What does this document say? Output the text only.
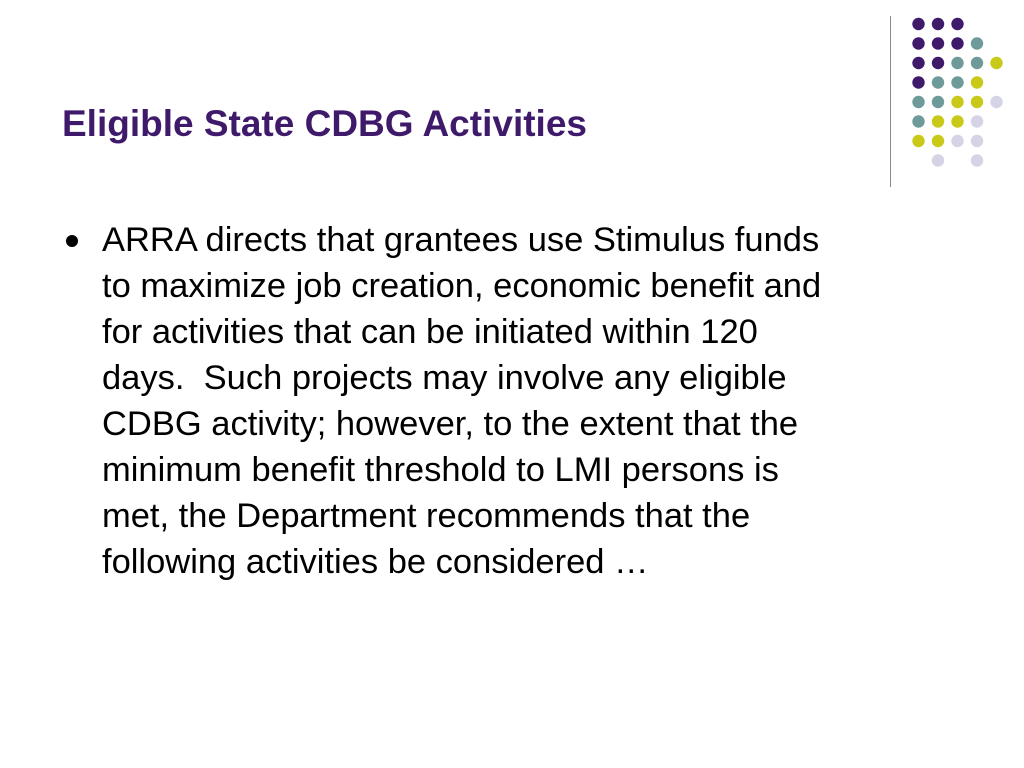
Eligible State CDBG Activities
ARRA directs that grantees use Stimulus funds
to maximize job creation, economic benefit and
for activities that can be initiated within 120
days.  Such projects may involve any eligible
CDBG activity; however, to the extent that the
minimum benefit threshold to LMI persons is
met, the Department recommends that the
following activities be considered …
